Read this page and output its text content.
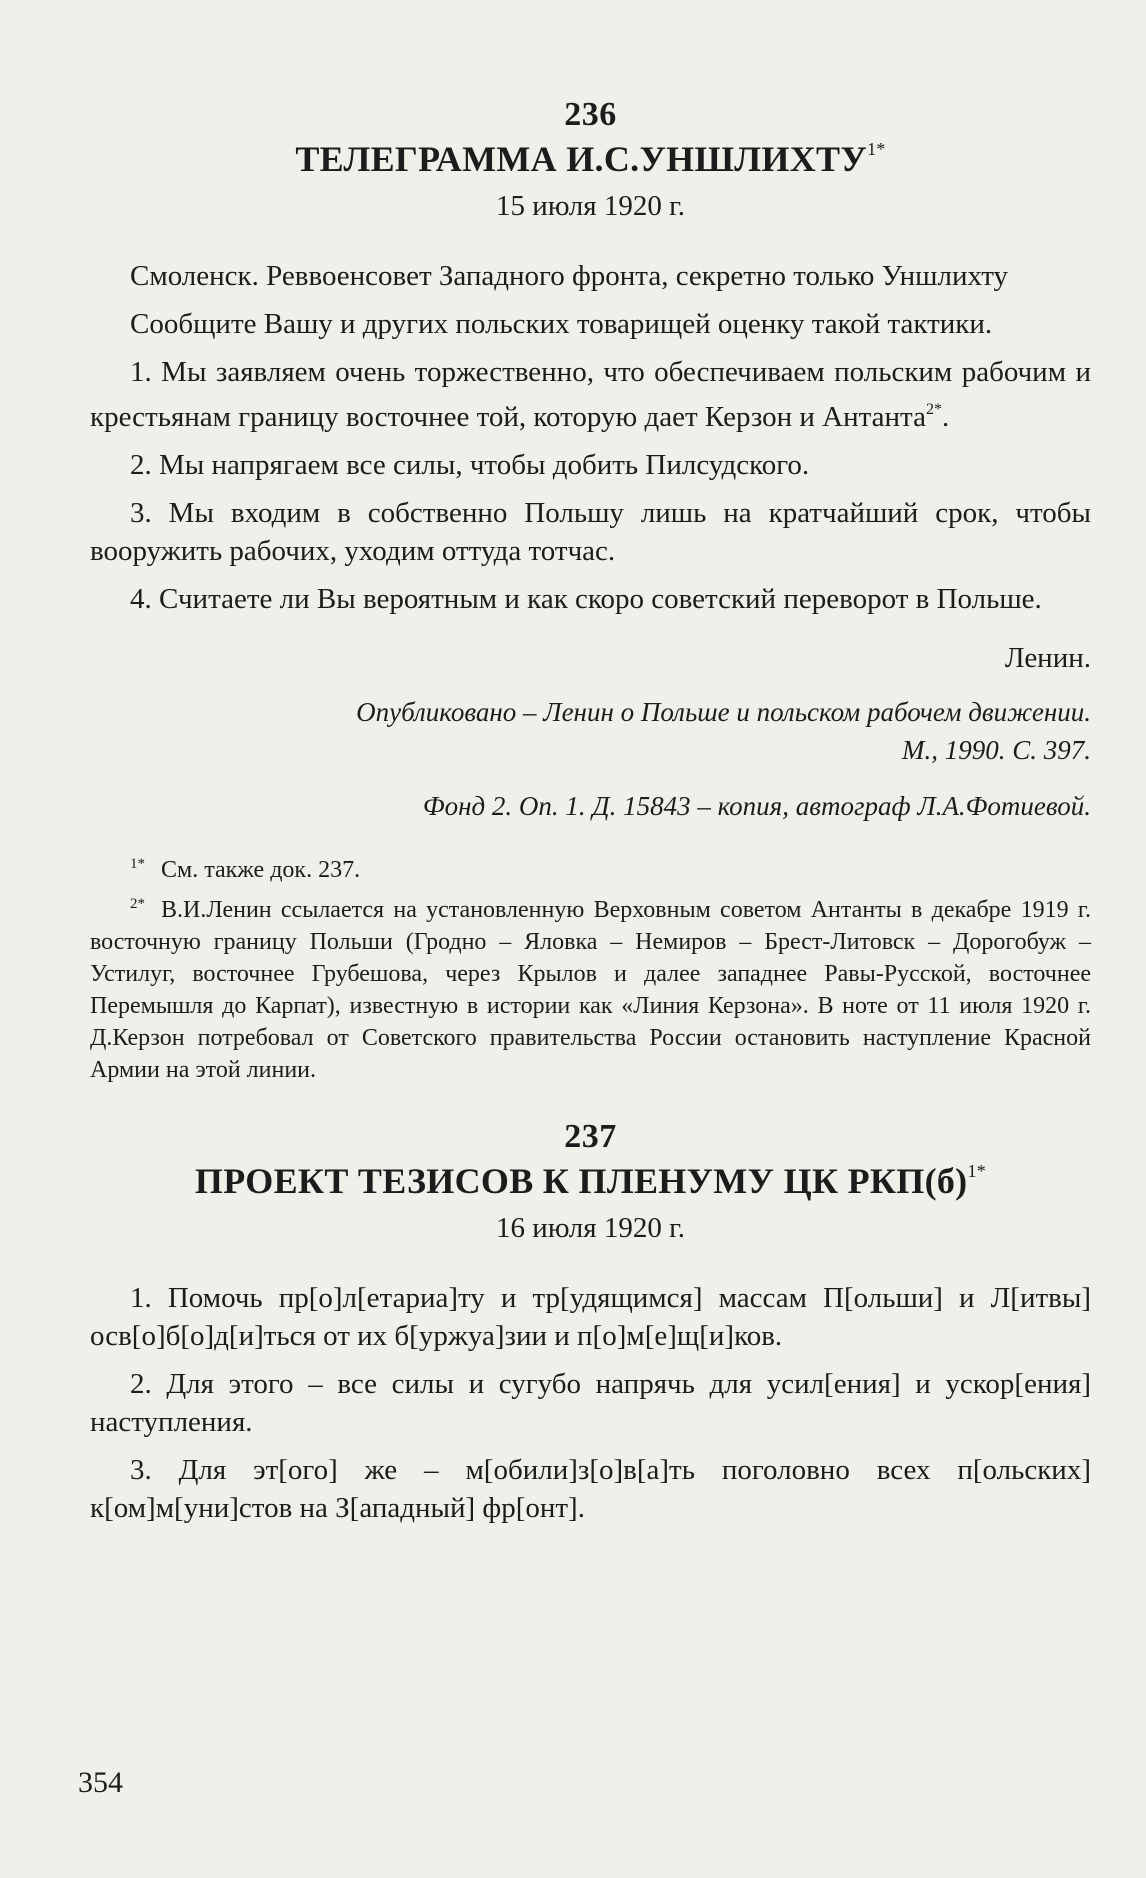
236
ТЕЛЕГРАММА $И.С.УНШЛИХТУ^{1*}$
15 июля 1920 г.

Смоленск. Реввоенсовет Западного фронта, секретно только Уншлихту

Сообщите Вашу и других польских товарищей оценку такой тактики.

1. Мы заявляем очень торжественно, что обеспечиваем польским рабочим и крестьянам границу восточнее той, которую дает Керзон и Антанта$^{2*}$.

2. Мы напрягаем все силы, чтобы добить Пилсудского.

3. Мы входим в собственно Польшу лишь на кратчайший срок, чтобы вооружить рабочих, уходим оттуда тотчас.

4. Считаете ли Вы вероятным и как скоро советский переворот в Польше.

Ленин.
Опубликовано – Ленин о Польше и польском рабочем движении.
М., 1990. С. 397.
Фонд 2. Оп. 1. Д. 15843 – копия, автограф Л.А.Фотиевой.

$^{1*}$ См. также док. 237.

$^{2*}$ В.И.Ленин ссылается на установленную Верховным советом Антанты в декабре 1919 г. восточную границу Польши (Гродно – Яловка – Немиров – Брест-Литовск – Дорогобуж – Устилуг, восточнее Грубешова, через Крылов и далее западнее Равы-Русской, восточнее Перемышля до Карпат), известную в истории как «Линия Керзона». В ноте от 11 июля 1920 г. Д.Керзон потребовал от Советского правительства России остановить наступление Красной Армии на этой линии.

237
ПРОЕКТ ТЕЗИСОВ К ПЛЕНУМУ ЦК $РКП(б)^{1*}$
16 июля 1920 г.

1. Помочь пр[о]л[етариа]ту и тр[удящимся] массам П[ольши] и Л[итвы] осв[о]б[о]д[и]ться от их б[уржуа]зии и п[о]м[е]щ[и]ков.

2. Для этого – все силы и сугубо напрячь для усил[ения] и ускор[ения] наступления.

3. Для эт[ого] же – м[обили]з[о]в[а]ть поголовно всех п[ольских] к[ом]м[уни]стов на З[ападный] фр[онт].

354
